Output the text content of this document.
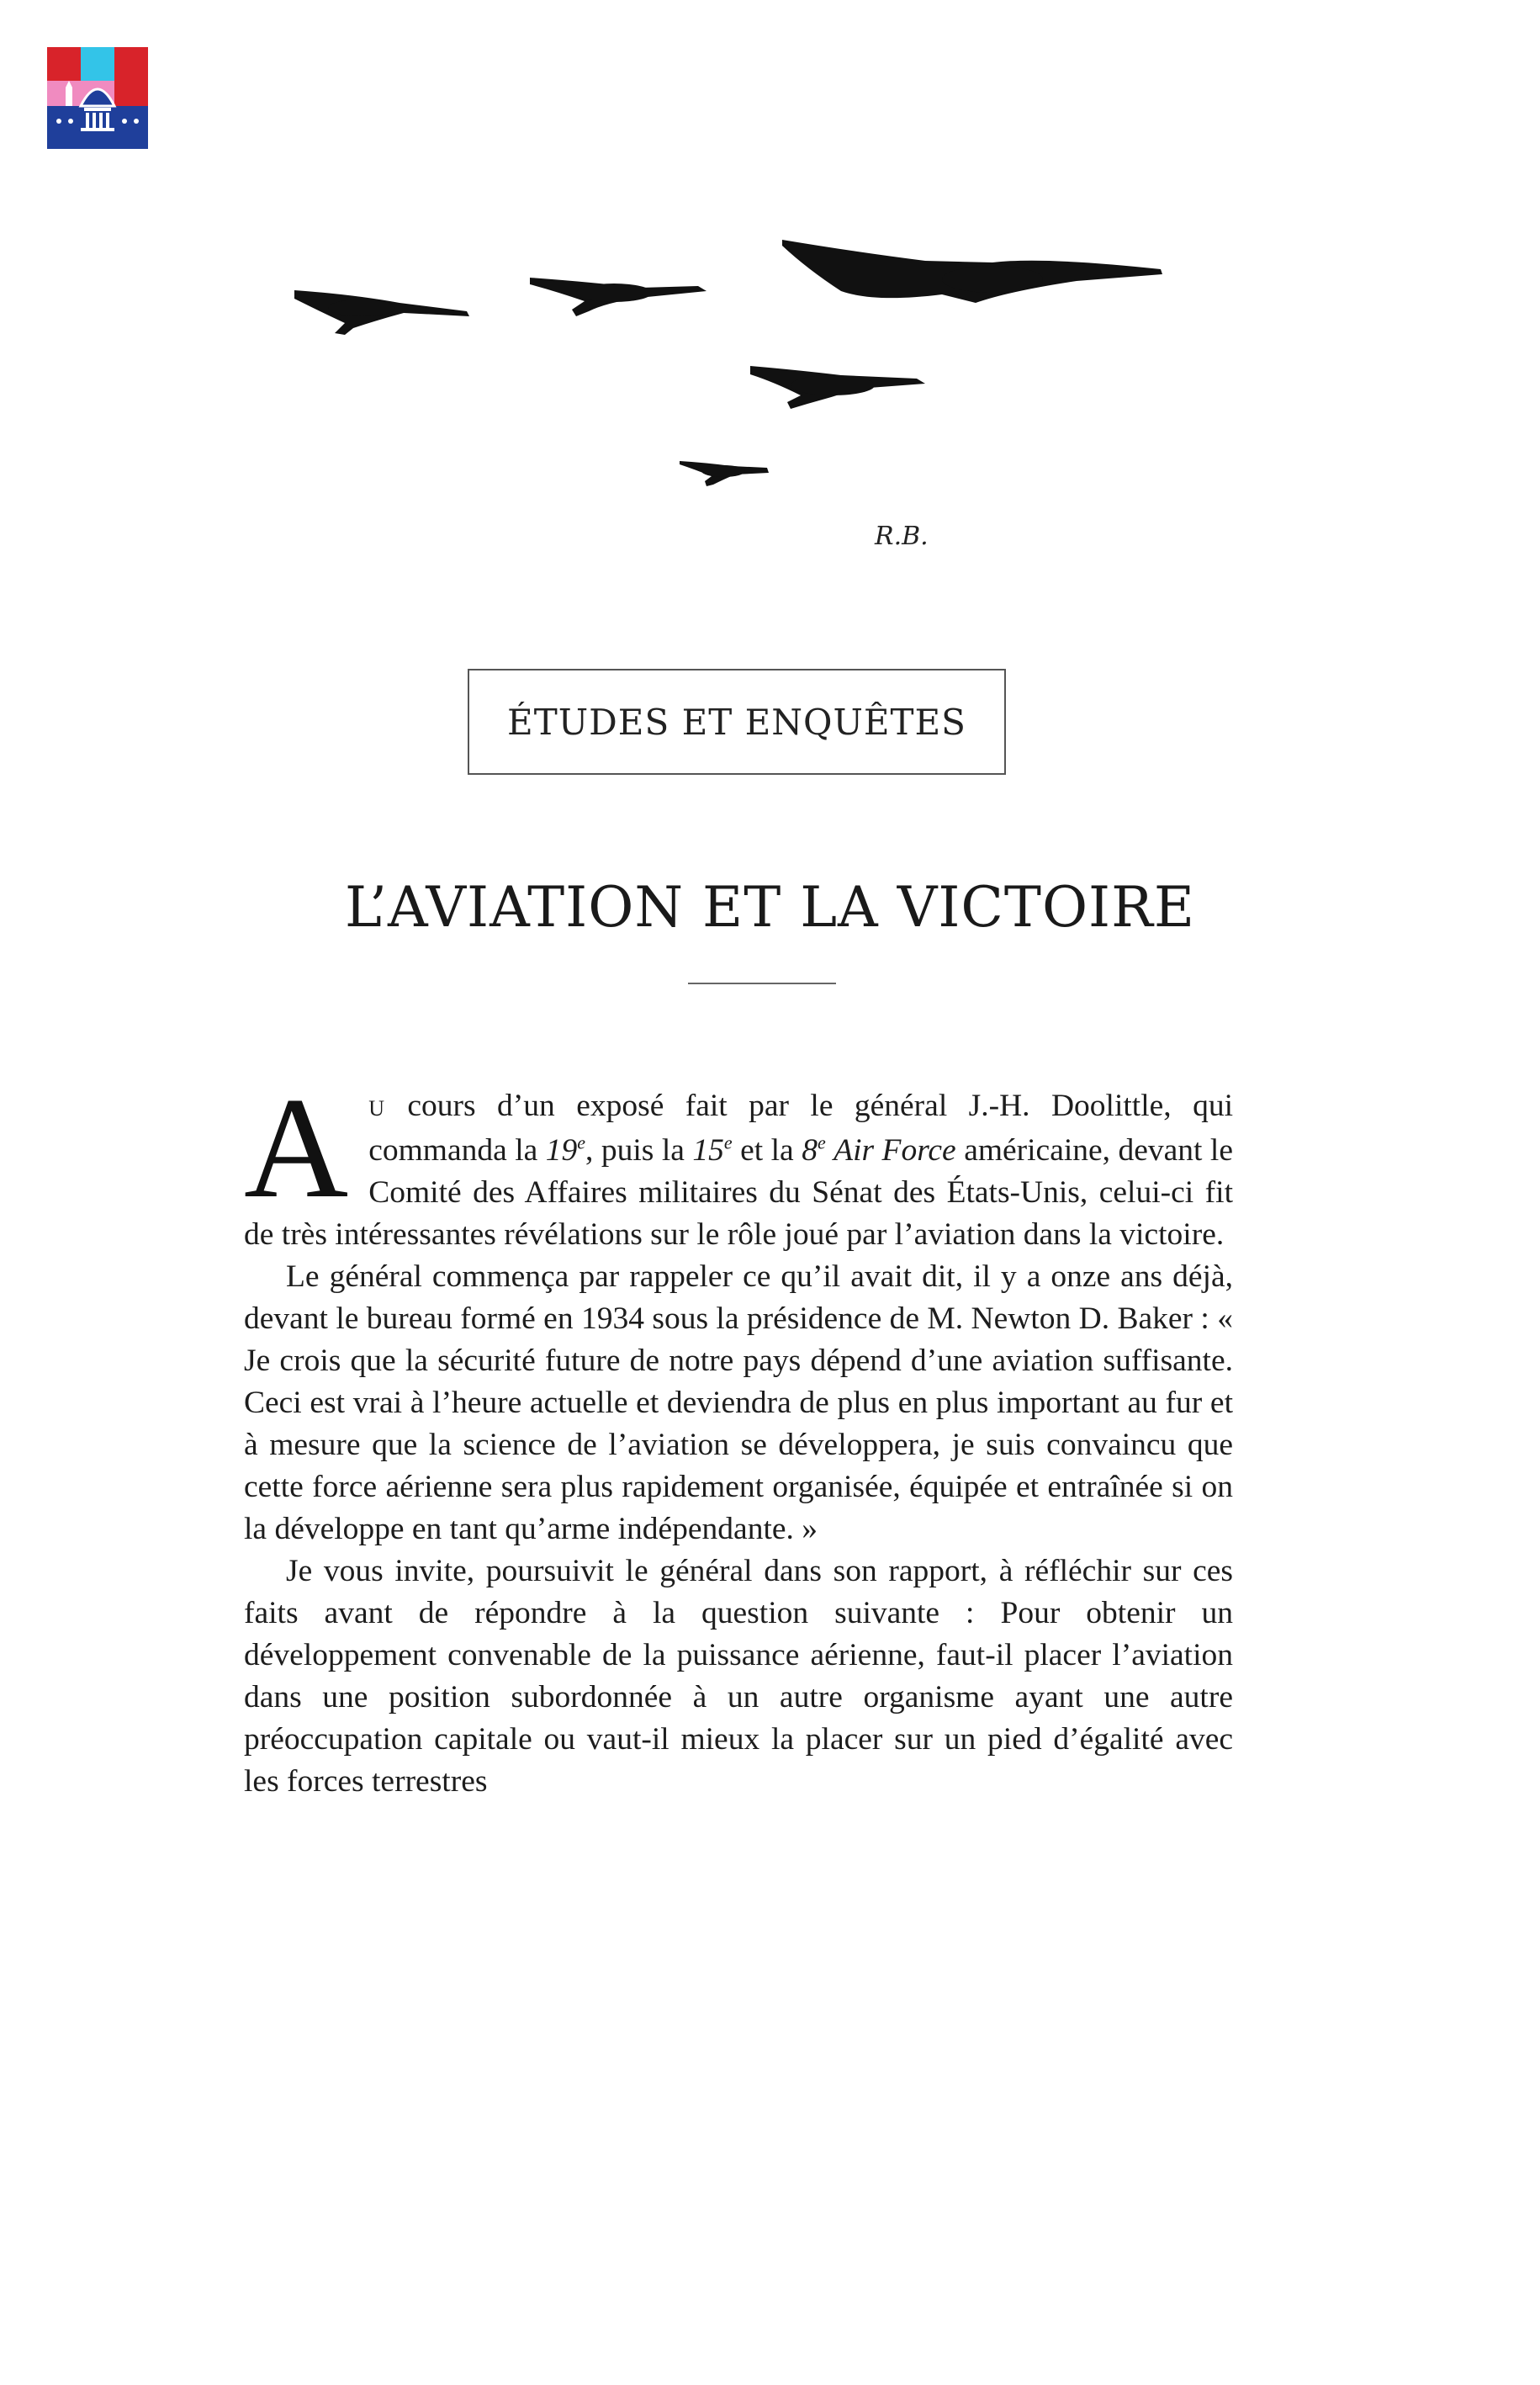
R.B.
ÉTUDES ET ENQUÊTES
L’AVIATION ET LA VICTOIRE

A U cours d’un exposé fait par le général J.-H. Doolittle, qui commanda la 19e, puis la 15e et la 8e Air Force américaine, devant le Comité des Affaires militaires du Sénat des États-Unis, celui-ci fit de très intéressantes révélations sur le rôle joué par l’aviation dans la victoire.

Le général commença par rappeler ce qu’il avait dit, il y a onze ans déjà, devant le bureau formé en 1934 sous la présidence de M. Newton D. Baker : « Je crois que la sécurité future de notre pays dépend d’une aviation suffisante. Ceci est vrai à l’heure actuelle et deviendra de plus en plus important au fur et à mesure que la science de l’aviation se développera, je suis convaincu que cette force aérienne sera plus rapidement organisée, équipée et entraînée si on la développe en tant qu’arme indépendante. »

Je vous invite, poursuivit le général dans son rapport, à réfléchir sur ces faits avant de répondre à la question suivante : Pour obtenir un développement convenable de la puissance aérienne, faut-il placer l’aviation dans une position subordonnée à un autre organisme ayant une autre préoccupation capitale ou vaut-il mieux la placer sur un pied d’égalité avec les forces terrestres
